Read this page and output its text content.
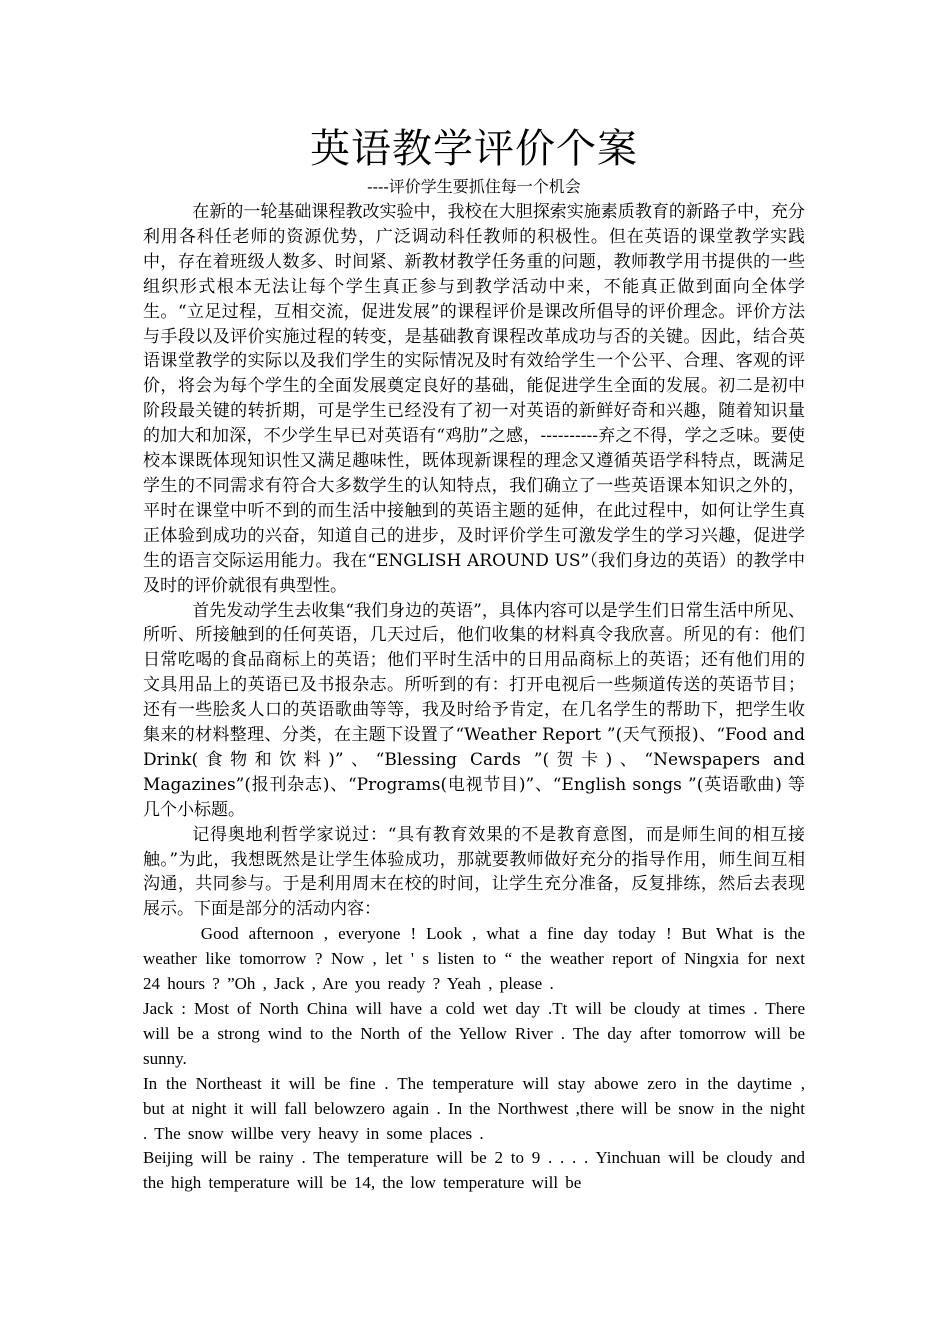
英语教学评价个案

----评价学生要抓住每一个机会

在新的一轮基础课程教改实验中，我校在大胆探索实施素质教育的新路子中，充分利用各科任老师的资源优势，广泛调动科任教师的积极性。但在英语的课堂教学实践中，存在着班级人数多、时间紧、新教材教学任务重的问题，教师教学用书提供的一些组织形式根本无法让每个学生真正参与到教学活动中来，不能真正做到面向全体学生。“立足过程，互相交流，促进发展”的课程评价是课改所倡导的评价理念。评价方法与手段以及评价实施过程的转变，是基础教育课程改革成功与否的关键。因此，结合英语课堂教学的实际以及我们学生的实际情况及时有效给学生一个公平、合理、客观的评价，将会为每个学生的全面发展奠定良好的基础，能促进学生全面的发展。初二是初中阶段最关键的转折期，可是学生已经没有了初一对英语的新鲜好奇和兴趣，随着知识量的加大和加深，不少学生早已对英语有“鸡肋”之感，----------弃之不得，学之乏味。要使校本课既体现知识性又满足趣味性，既体现新课程的理念又遵循英语学科特点，既满足学生的不同需求有符合大多数学生的认知特点，我们确立了一些英语课本知识之外的，平时在课堂中听不到的而生活中接触到的英语主题的延伸，在此过程中，如何让学生真正体验到成功的兴奋，知道自己的进步，及时评价学生可激发学生的学习兴趣，促进学生的语言交际运用能力。我在“ENGLISH AROUND US”（我们身边的英语）的教学中及时的评价就很有典型性。

首先发动学生去收集“我们身边的英语”，具体内容可以是学生们日常生活中所见、所听、所接触到的任何英语，几天过后，他们收集的材料真令我欣喜。所见的有：他们日常吃喝的食品商标上的英语；他们平时生活中的日用品商标上的英语；还有他们用的文具用品上的英语已及书报杂志。所听到的有：打开电视后一些频道传送的英语节目；还有一些脍炙人口的英语歌曲等等，我及时给予肯定，在几名学生的帮助下，把学生收集来的材料整理、分类，在主题下设置了“Weather Report ”(天气预报)、“Food and Drink(食物和饮料)”、“Blessing Cards ”(贺卡)、“Newspapers and Magazines”(报刊杂志)、“Programs(电视节目)”、“English songs ”(英语歌曲) 等几个小标题。

记得奥地利哲学家说过：“具有教育效果的不是教育意图，而是师生间的相互接触。”为此，我想既然是让学生体验成功，那就要教师做好充分的指导作用，师生间互相沟通，共同参与。于是利用周末在校的时间，让学生充分准备，反复排练，然后去表现展示。下面是部分的活动内容：

Good afternoon , everyone ! Look , what a fine day today ! But What is the weather like tomorrow ? Now , let ' s listen to “ the weather report of Ningxia for next 24 hours ? ”Oh , Jack , Are you ready ? Yeah , please .

Jack : Most of North China will have a cold wet day .Tt will be cloudy at times . There will be a strong wind to the North of the Yellow River . The day after tomorrow will be sunny.

In the Northeast it will be fine . The temperature will stay abowe zero in the daytime , but at night it will fall belowzero again . In the Northwest ,there will be snow in the night . The snow willbe very heavy in some places .

Beijing will be rainy . The temperature will be 2 to 9 . . . . Yinchuan will be cloudy and the high temperature will be 14, the low temperature will be
